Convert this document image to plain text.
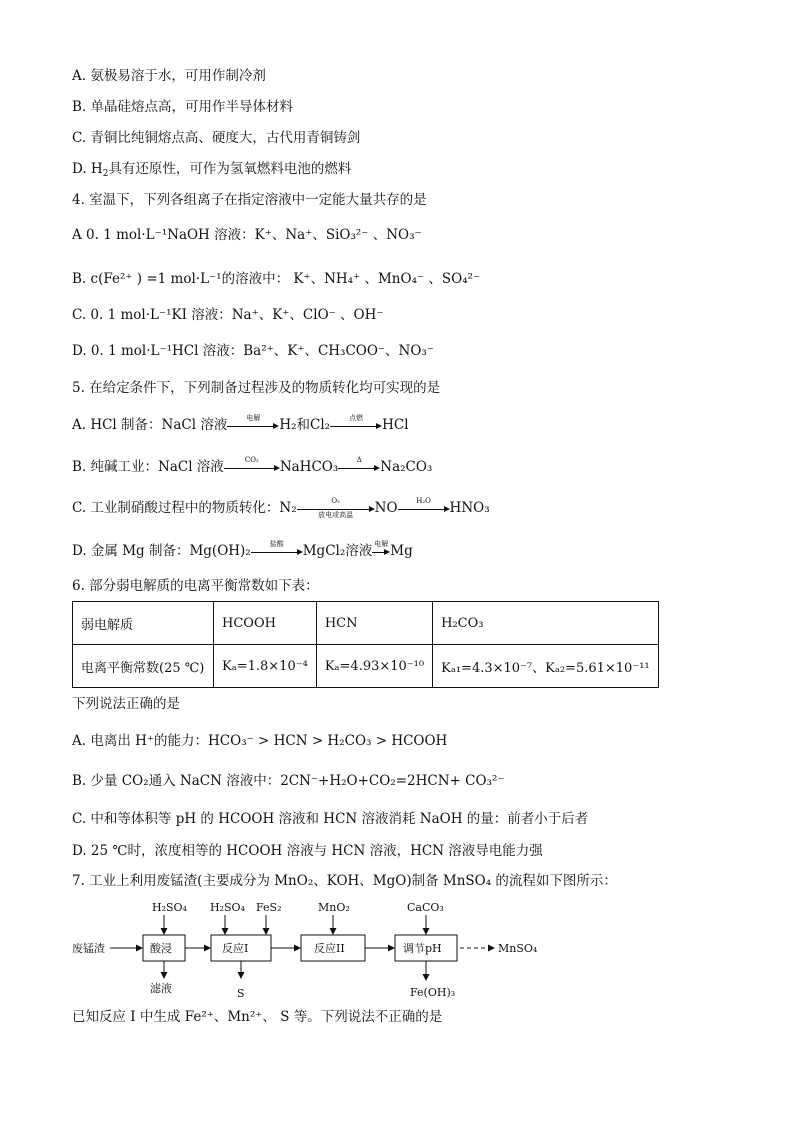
A. 氨极易溶于水，可用作制冷剂
B. 单晶硅熔点高，可用作半导体材料
C. 青铜比纯铜熔点高、硬度大，古代用青铜铸剑
D. $H_2$具有还原性，可作为氢氧燃料电池的燃料
4. 室温下，下列各组离子在指定溶液中一定能大量共存的是
A 0. 1 mol·L⁻¹NaOH 溶液：K⁺、Na⁺、SiO₃²⁻ 、NO₃⁻
B. c(Fe²⁺ ) =1 mol·L⁻¹的溶液中： K⁺、NH₄⁺ 、MnO₄⁻ 、SO₄²⁻
C. 0. 1 mol·L⁻¹KI 溶液：Na⁺、K⁺、ClO⁻ 、OH⁻
D. 0. 1 mol·L⁻¹HCl 溶液：Ba²⁺、K⁺、CH₃COO⁻、NO₃⁻
5. 在给定条件下，下列制备过程涉及的物质转化均可实现的是
A. HCl 制备：NaCl 溶液	电解	H₂和Cl₂	点燃	HCl
B. 纯碱工业：NaCl 溶液	CO₂	NaHCO₃	Δ	Na₂CO₃
C. 工业制硝酸过程中的物质转化：N₂	O₂
放电或高温	NO	H₂O	HNO₃
D. 金属 Mg 制备：Mg(OH)₂	盐酸	MgCl₂溶液 电解 Mg
6. 部分弱电解质的电离平衡常数如下表：
弱电解质	HCOOH	HCN	H₂CO₃
电离平衡常数(25 ℃)	Kₐ=1.8×10⁻⁴	Kₐ=4.93×10⁻¹⁰	Kₐ₁=4.3×10⁻⁷、Kₐ₂=5.61×10⁻¹¹
下列说法正确的是
A. 电离出 H⁺的能力：HCO₃⁻ > HCN > H₂CO₃ > HCOOH
B. 少量 CO₂通入 NaCN 溶液中：2CN⁻+H₂O+CO₂=2HCN+ CO₃²⁻
C. 中和等体积等 pH 的 HCOOH 溶液和 HCN 溶液消耗 NaOH 的量：前者小于后者
D. 25 ℃时，浓度相等的 HCOOH 溶液与 HCN 溶液，HCN 溶液导电能力强
7. 工业上利用废锰渣(主要成分为 MnO₂、KOH、MgO)制备 MnSO₄ 的流程如下图所示：
废锰渣	酸浸
H₂SO₄
滤液
反应I
H₂SO₄ FeS₂
S
反应II
MnO₂
调节pH
CaCO₃
Fe(OH)₃
MnSO₄
已知反应 I 中生成 Fe²⁺、Mn²⁺、 S 等。下列说法不正确的是
